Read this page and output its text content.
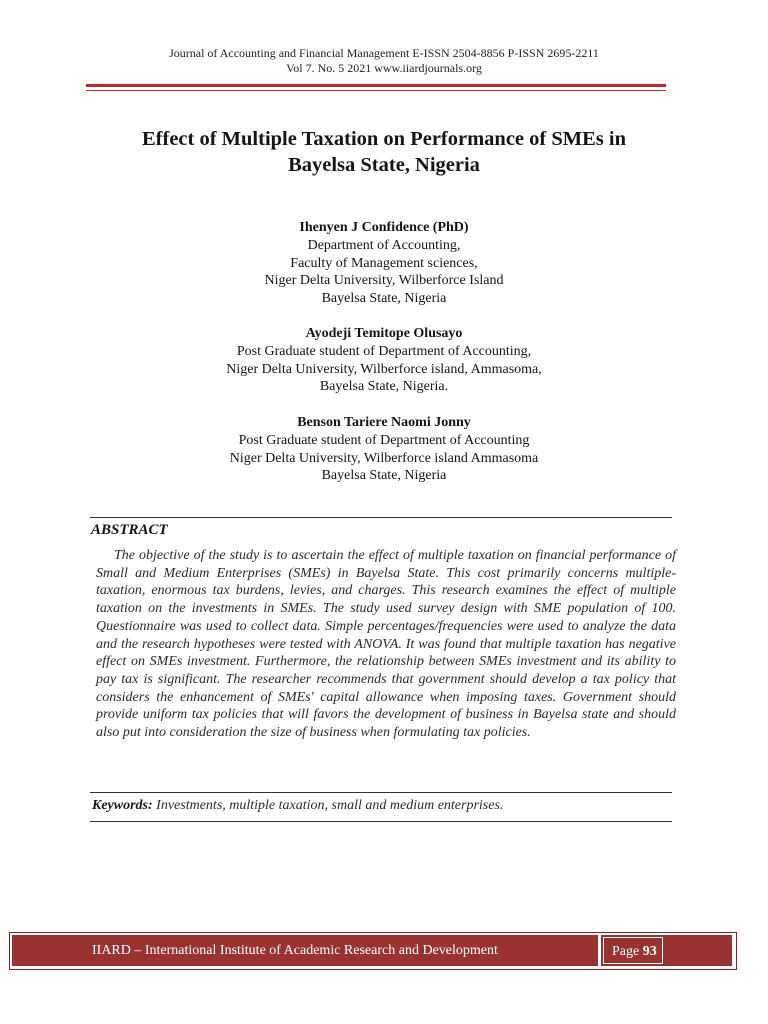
Journal of Accounting and Financial Management E-ISSN 2504-8856 P-ISSN 2695-2211
Vol 7. No. 5 2021 www.iiardjournals.org
Effect of Multiple Taxation on Performance of SMEs in
Bayelsa State, Nigeria
Ihenyen J Confidence (PhD)
Department of Accounting,
Faculty of Management sciences,
Niger Delta University, Wilberforce Island
Bayelsa State, Nigeria
Ayodeji Temitope Olusayo
Post Graduate student of Department of Accounting,
Niger Delta University, Wilberforce island, Ammasoma,
Bayelsa State, Nigeria.
Benson Tariere Naomi Jonny
Post Graduate student of Department of Accounting
Niger Delta University, Wilberforce island Ammasoma
Bayelsa State, Nigeria
ABSTRACT
The objective of the study is to ascertain the effect of multiple taxation on financial performance of Small and Medium Enterprises (SMEs) in Bayelsa State. This cost primarily concerns multiple-taxation, enormous tax burdens, levies, and charges. This research examines the effect of multiple taxation on the investments in SMEs. The study used survey design with SME population of 100. Questionnaire was used to collect data. Simple percentages/frequencies were used to analyze the data and the research hypotheses were tested with ANOVA. It was found that multiple taxation has negative effect on SMEs investment. Furthermore, the relationship between SMEs investment and its ability to pay tax is significant. The researcher recommends that government should develop a tax policy that considers the enhancement of SMEs' capital allowance when imposing taxes. Government should provide uniform tax policies that will favors the development of business in Bayelsa state and should also put into consideration the size of business when formulating tax policies.
Keywords: Investments, multiple taxation, small and medium enterprises.
IIARD – International Institute of Academic Research and Development	Page 93
